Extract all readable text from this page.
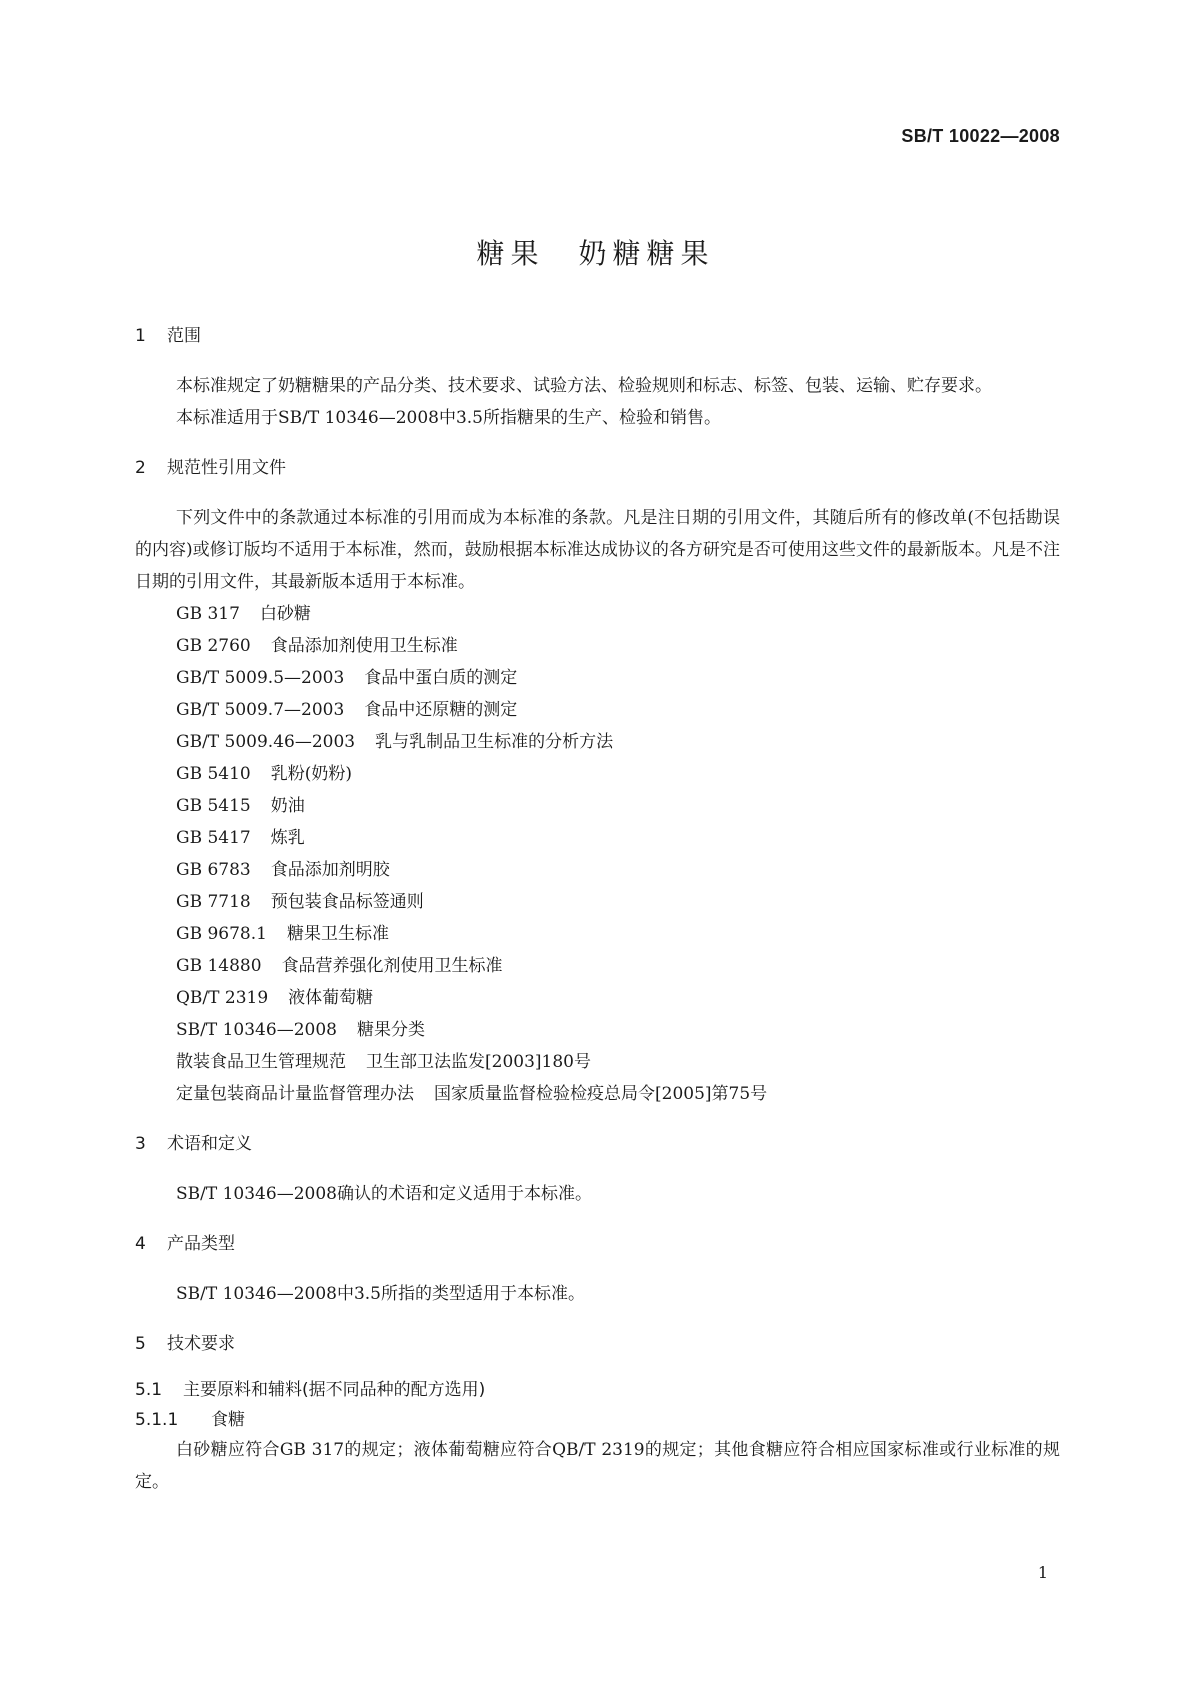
SB/T 10022—2008
糖果 奶糖糖果
1 范围
本标准规定了奶糖糖果的产品分类、技术要求、试验方法、检验规则和标志、标签、包装、运输、贮存要求。
本标准适用于SB/T 10346—2008中3.5所指糖果的生产、检验和销售。
2 规范性引用文件
下列文件中的条款通过本标准的引用而成为本标准的条款。凡是注日期的引用文件，其随后所有的修改单(不包括勘误的内容)或修订版均不适用于本标准，然而，鼓励根据本标准达成协议的各方研究是否可使用这些文件的最新版本。凡是不注日期的引用文件，其最新版本适用于本标准。
GB 317 白砂糖
GB 2760 食品添加剂使用卫生标准
GB/T 5009.5—2003 食品中蛋白质的测定
GB/T 5009.7—2003 食品中还原糖的测定
GB/T 5009.46—2003 乳与乳制品卫生标准的分析方法
GB 5410 乳粉(奶粉)
GB 5415 奶油
GB 5417 炼乳
GB 6783 食品添加剂明胶
GB 7718 预包装食品标签通则
GB 9678.1 糖果卫生标准
GB 14880 食品营养强化剂使用卫生标准
QB/T 2319 液体葡萄糖
SB/T 10346—2008 糖果分类
散装食品卫生管理规范 卫生部卫法监发[2003]180号
定量包装商品计量监督管理办法 国家质量监督检验检疫总局令[2005]第75号
3 术语和定义
SB/T 10346—2008确认的术语和定义适用于本标准。
4 产品类型
SB/T 10346—2008中3.5所指的类型适用于本标准。
5 技术要求
5.1 主要原料和辅料(据不同品种的配方选用)
5.1.1 食糖
白砂糖应符合GB 317的规定；液体葡萄糖应符合QB/T 2319的规定；其他食糖应符合相应国家标准或行业标准的规定。
1
